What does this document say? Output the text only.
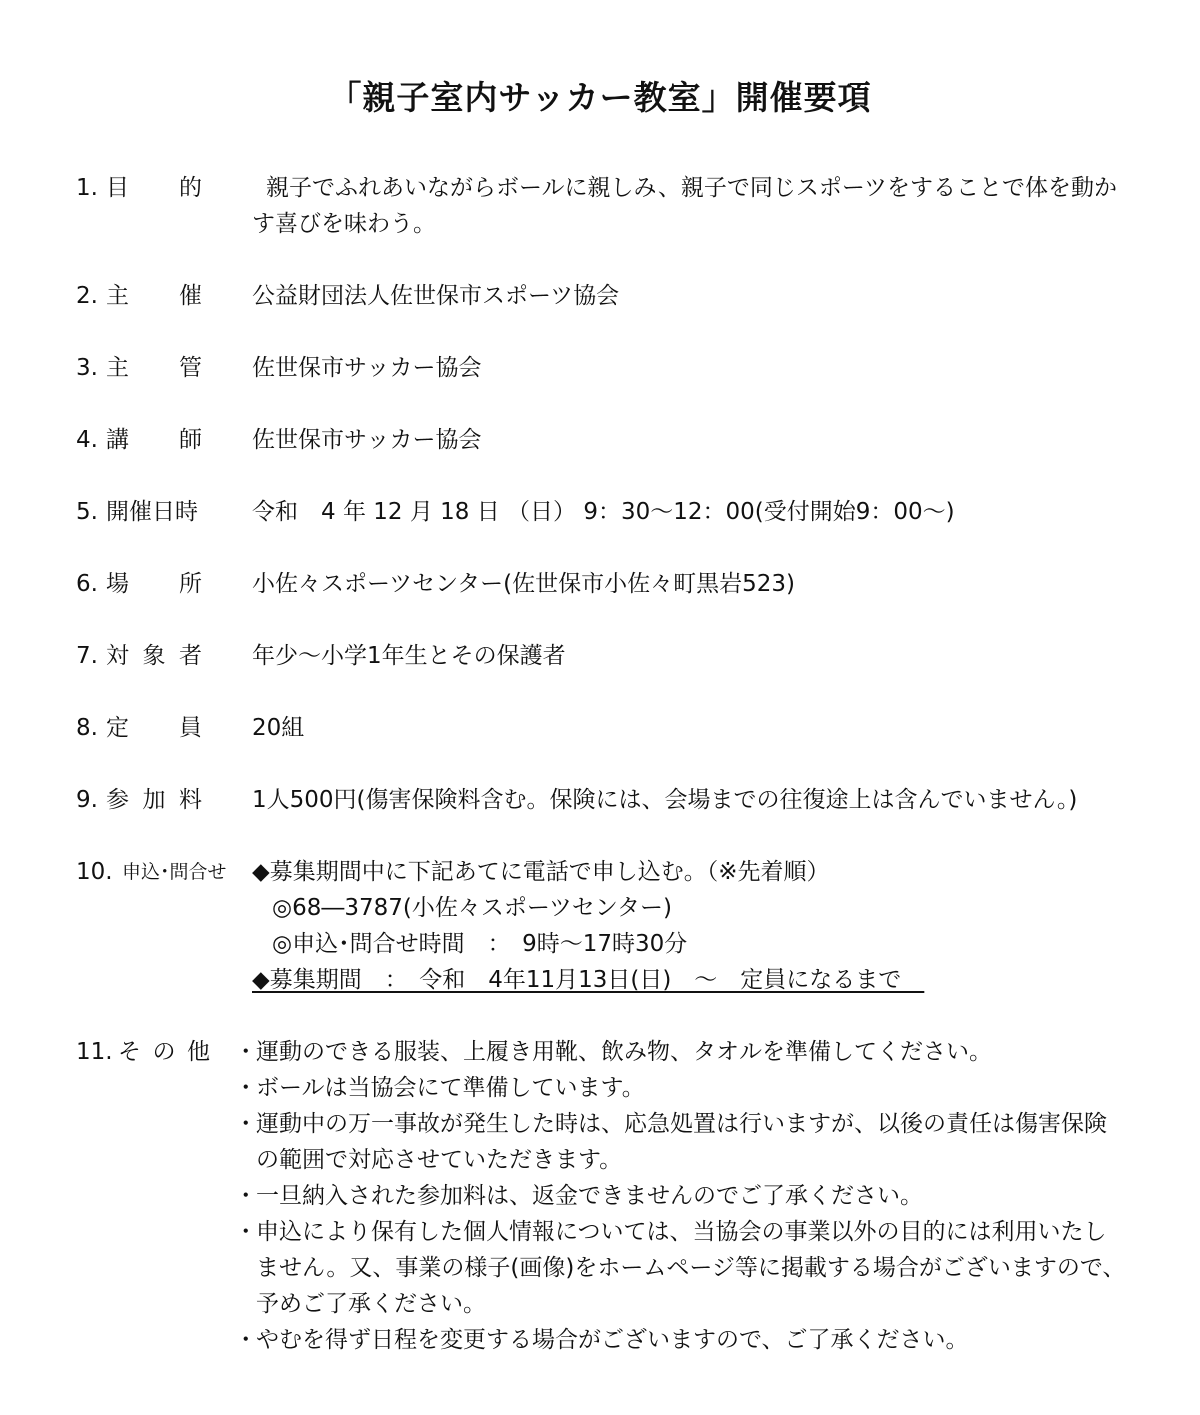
「親子室内サッカー教室」開催要項
1. 目 的	親子でふれあいながらボールに親しみ、親子で同じスポーツをすることで体を動か
す喜びを味わう。
2. 主 催 公益財団法人佐世保市スポーツ協会
3. 主 管 佐世保市サッカー協会
4. 講 師 佐世保市サッカー協会
5. 開催日時 令和　4 年 12 月 18 日 （日） 9：30～12：00(受付開始9：00～)
6. 場 所 小佐々スポーツセンター(佐世保市小佐々町黒岩523)
7. 対 象 者 年少～小学1年生とその保護者
8. 定 員 20組
9. 参 加 料 1人500円(傷害保険料含む。保険には、会場までの往復途上は含んでいません。)
10. 申込･問合せ ◆募集期間中に下記あてに電話で申し込む。（※先着順）
◎68―3787(小佐々スポーツセンター)
◎申込･問合せ時間　：　9時～17時30分
◆募集期間　：　令和　4年11月13日(日)　～　定員になるまで　
11. そ の 他 ･ 運動のできる服装、上履き用靴、飲み物、タオルを準備してください。
･ ボールは当協会にて準備しています。
･ 運動中の万一事故が発生した時は、応急処置は行いますが、以後の責任は傷害保険
の範囲で対応させていただきます。
･ 一旦納入された参加料は、返金できませんのでご了承ください。
･ 申込により保有した個人情報については、当協会の事業以外の目的には利用いたし
ません。又、事業の様子(画像)をホームページ等に掲載する場合がございますので、
予めご了承ください。
･ やむを得ず日程を変更する場合がございますので、ご了承ください。
